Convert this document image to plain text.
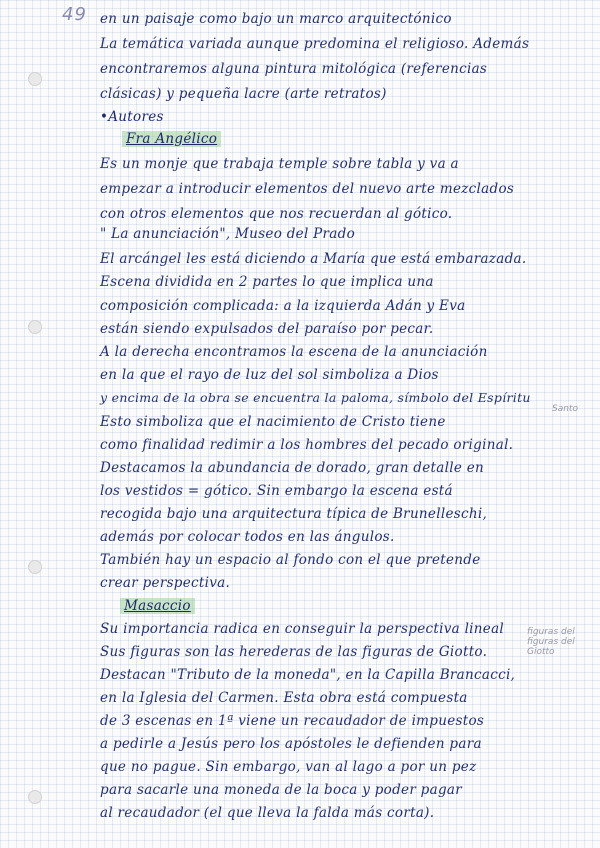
49 en un paisaje como bajo un marco arquitectónico
La temática variada aunque predomina el religioso. Además
encontraremos alguna pintura mitológica (referencias
clásicas) y pequeña lacre (arte retratos)
•Autores
Fra Angélico
Es un monje que trabaja temple sobre tabla y va a
empezar a introducir elementos del nuevo arte mezclados
con otros elementos que nos recuerdan al gótico.
" La anunciación", Museo del Prado
El arcángel les está diciendo a María que está embarazada.
Escena dividida en 2 partes lo que implica una
composición complicada: a la izquierda Adán y Eva
están siendo expulsados del paraíso por pecar.
A la derecha encontramos la escena de la anunciación
en la que el rayo de luz del sol simboliza a Dios
y encima de la obra se encuentra la paloma, símbolo del Espíritu
Esto simboliza que el nacimiento de Cristo tiene
como finalidad redimir a los hombres del pecado original.
Destacamos la abundancia de dorado, gran detalle en
los vestidos = gótico. Sin embargo la escena está
recogida bajo una arquitectura típica de Brunelleschi,
además por colocar todos en las ángulos.
También hay un espacio al fondo con el que pretende
crear perspectiva.
Masaccio
Su importancia radica en conseguir la perspectiva lineal
Sus figuras son las herederas de las figuras de Giotto.
Destacan "Tributo de la moneda", en la Capilla Brancacci,
en la Iglesia del Carmen. Esta obra está compuesta
de 3 escenas en 1ª viene un recaudador de impuestos
a pedirle a Jesús pero los apóstoles le defienden para
que no pague. Sin embargo, van al lago a por un pez
para sacarle una moneda de la boca y poder pagar
al recaudador (el que lleva la falda más corta).
Santo
figuras del figuras del Giotto
